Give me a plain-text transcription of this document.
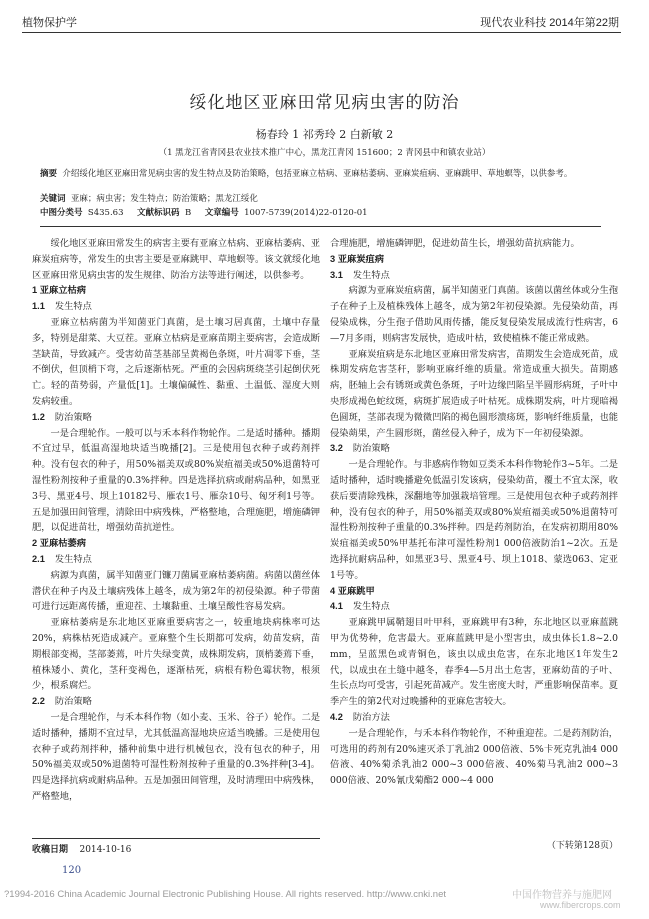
植物保护学	现代农业科技 2014年第22期
绥化地区亚麻田常见病虫害的防治
杨春玲 1 祁秀玲 2 白新敏 2
（1 黑龙江省青冈县农业技术推广中心，黑龙江青冈 151600；2 青冈县中和镇农业站）
摘要 介绍绥化地区亚麻田常见病虫害的发生特点及防治策略，包括亚麻立枯病、亚麻枯萎病、亚麻炭疽病、亚麻跳甲、草地螟等，以供参考。
关键词 亚麻；病虫害；发生特点；防治策略；黑龙江绥化
中图分类号 S435.63 文献标识码 B 文章编号 1007-5739(2014)22-0120-01

绥化地区亚麻田常发生的病害主要有亚麻立枯病、亚麻枯萎病、亚麻炭疽病等，常发生的虫害主要是亚麻跳甲、草地螟等。该文就绥化地区亚麻田常见病虫害的发生规律、防治方法等进行阐述，以供参考。

1 亚麻立枯病
1.1 发生特点

亚麻立枯病菌为半知菌亚门真菌，是土壤习居真菌，土壤中存量多，特别是甜菜、大豆茬。亚麻立枯病是亚麻苗期主要病害，会造成断茎缺苗，导致减产。受害幼苗茎基部呈黄褐色条斑，叶片凋零下垂，茎不倒伏，但顶梢下弯，之后逐渐枯死。严重的会因病斑绕茎引起倒伏死亡。轻的苗势弱，产量低[1]。土壤偏碱性、黏重、土温低、湿度大则发病较重。

1.2 防治策略

一是合理轮作。一般可以与禾本科作物轮作。二是适时播种。播期不宜过早，低温高湿地块适当晚播[2]。三是使用包衣种子或药剂拌种。没有包衣的种子，用50%福美双或80%炭疽福美或50%退菌特可湿性粉剂按种子重量的0.3%拌种。四是选择抗病或耐病品种，如黑亚3号、黑亚4号、坝上10182号、雁农1号、雁杂10号、匈牙利1号等。五是加强田间管理，清除田中病残株，严格整地，合理施肥，增施磷钾肥，以促进苗壮，增强幼苗抗逆性。

2 亚麻枯萎病
2.1 发生特点

病源为真菌，属半知菌亚门镰刀菌属亚麻枯萎病菌。病菌以菌丝体潜伏在种子内及土壤病残体上越冬，成为第2年的初侵染源。种子带菌可进行远距离传播，重迎茬、土壤黏重、土壤呈酸性容易发病。

亚麻枯萎病是东北地区亚麻重要病害之一，较重地块病株率可达20%，病株枯死造成减产。亚麻整个生长期都可发病，幼苗发病，苗期根部变褐，茎部萎蔫，叶片失绿变黄，成株期发病，顶梢萎蔫下垂，植株矮小、黄化，茎秆变褐色，逐渐枯死，病根有粉色霉状物，根须少，根系腐烂。

2.2 防治策略

一是合理轮作，与禾本科作物（如小麦、玉米、谷子）轮作。二是适时播种，播期不宜过早，尤其低温高湿地块应适当晚播。三是使用包衣种子或药剂拌种，播种前集中进行机械包衣，没有包衣的种子，用50%福美双或50%退菌特可湿性粉剂按种子重量的0.3%拌种[3-4]。四是选择抗病或耐病品种。五是加强田间管理，及时清理田中病残株，严格整地，

合理施肥，增施磷钾肥，促进幼苗生长，增强幼苗抗病能力。

3 亚麻炭疽病
3.1 发生特点

病源为亚麻炭疽病菌，属半知菌亚门真菌。该菌以菌丝体或分生孢子在种子上及植株残体上越冬，成为第2年初侵染源。先侵染幼苗，再侵染成株，分生孢子借助风雨传播，能反复侵染发展成流行性病害，6—7月多雨，则病害发展快，造成叶枯，致使植株不能正常成熟。

亚麻炭疽病是东北地区亚麻田常发病害，苗期发生会造成死苗，成株期发病危害茎秆，影响亚麻纤维的质量。常造成重大损失。苗期感病，胚轴上会有锈斑或黄色条斑，子叶边缘凹陷呈半圆形病斑，子叶中央形成褐色蛇纹斑，病斑扩展造成子叶枯死。成株期发病，叶片现暗褐色圆斑，茎部表现为微微凹陷的褐色圆形溃疡斑，影响纤维质量，也能侵染蒴果，产生圆形斑，菌丝侵入种子，成为下一年初侵染源。

3.2 防治策略

一是合理轮作。与非感病作物如豆类禾本科作物轮作3~5年。二是适时播种，适时晚播避免低温引发该病，侵染幼苗，覆土不宜太深，收获后要清除残株，深翻地等加强栽培管理。三是使用包衣种子或药剂拌种，没有包衣的种子，用50%福美双或80%炭疽福美或50%退菌特可湿性粉剂按种子重量的0.3%拌种。四是药剂防治，在发病初期用80%炭疽福美或50%甲基托布津可湿性粉剂1 000倍液防治1~2次。五是选择抗耐病品种，如黑亚3号、黑亚4号、坝上1018、蒙选063、定亚1号等。

4 亚麻跳甲
4.1 发生特点

亚麻跳甲属鞘翅目叶甲科，亚麻跳甲有3种，东北地区以亚麻蓝跳甲为优势种，危害最大。亚麻蓝跳甲是小型害虫，成虫体长1.8~2.0 mm，呈蓝黑色或青铜色，该虫以成虫危害，在东北地区1年发生2代，以成虫在土缝中越冬，春季4—5月出土危害，亚麻幼苗的子叶、生长点均可受害，引起死苗减产。发生密度大时，严重影响保苗率。夏季产生的第2代对过晚播种的亚麻危害较大。

4.2 防治方法

一是合理轮作，与禾本科作物轮作，不种重迎茬。二是药剂防治，可选用的药剂有20%速灭杀丁乳油2 000倍液、5%卡死克乳油4 000倍液、40%菊杀乳油2 000~3 000倍液、40%菊马乳油2 000~3 000倍液、20%氰戊菊酯2 000~4 000

收稿日期 2014-10-16	（下转第128页）
120
?1994-2016 China Academic Journal Electronic Publishing House. All rights reserved. http://www.cnki.net	中国作物营养与施肥网
www.fibercrops.com
